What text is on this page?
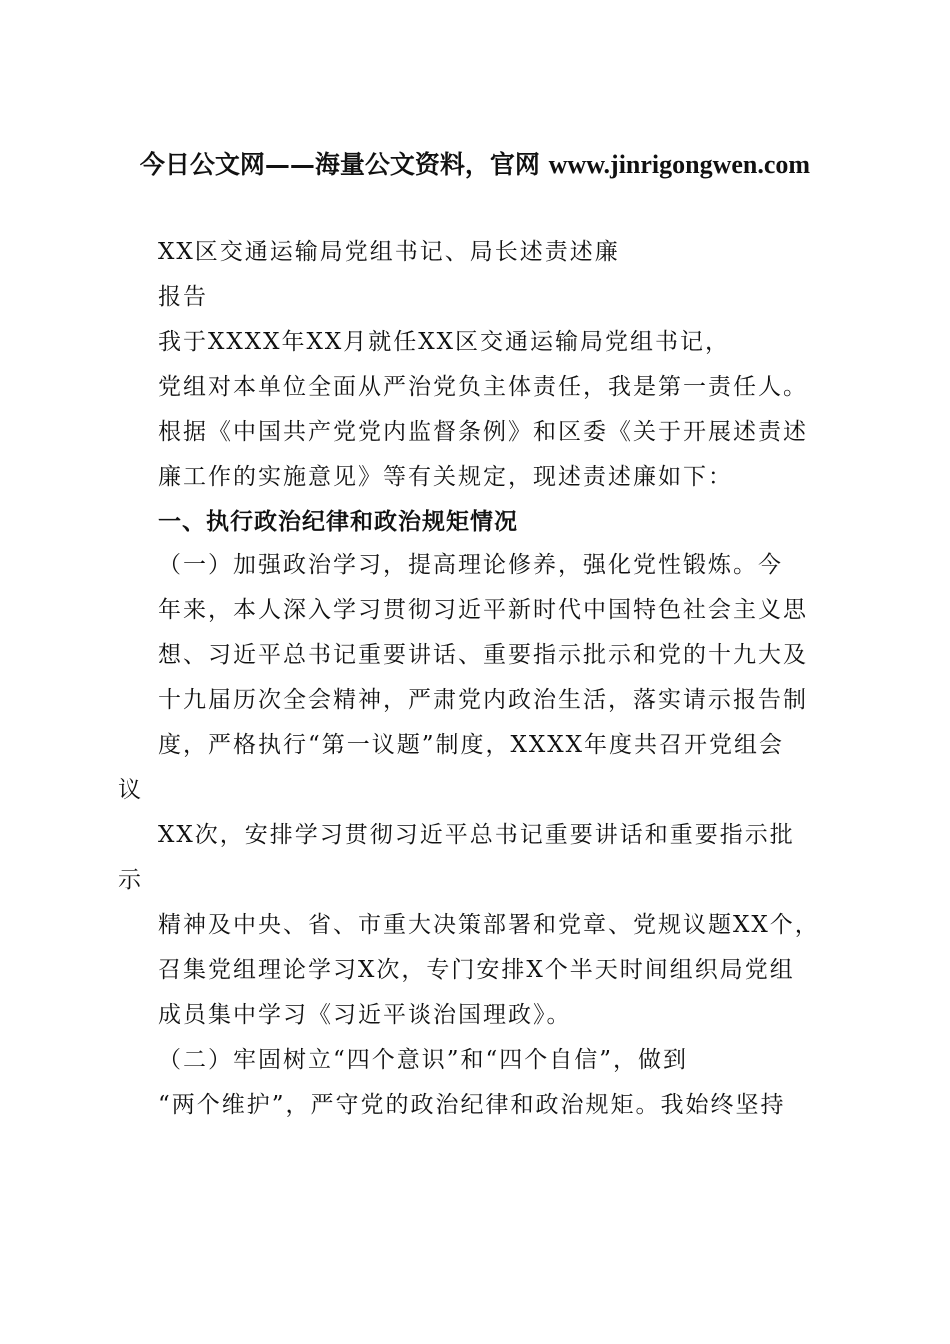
今日公文网——海量公文资料，官网 www.jinrigongwen.com
XX区交通运输局党组书记、局长述责述廉
报告
我于XXXX年XX月就任XX区交通运输局党组书记，
党组对本单位全面从严治党负主体责任，我是第一责任人。
根据《中国共产党党内监督条例》和区委《关于开展述责述
廉工作的实施意见》等有关规定，现述责述廉如下：
一、执行政治纪律和政治规矩情况
（一）加强政治学习，提高理论修养，强化党性锻炼。今
年来，本人深入学习贯彻习近平新时代中国特色社会主义思
想、习近平总书记重要讲话、重要指示批示和党的十九大及
十九届历次全会精神，严肃党内政治生活，落实请示报告制
度，严格执行“第一议题”制度，XXXX年度共召开党组会
议
XX次，安排学习贯彻习近平总书记重要讲话和重要指示批
示
精神及中央、省、市重大决策部署和党章、党规议题XX个，
召集党组理论学习X次，专门安排X个半天时间组织局党组
成员集中学习《习近平谈治国理政》。
（二）牢固树立“四个意识”和“四个自信”，做到
“两个维护”，严守党的政治纪律和政治规矩。我始终坚持
